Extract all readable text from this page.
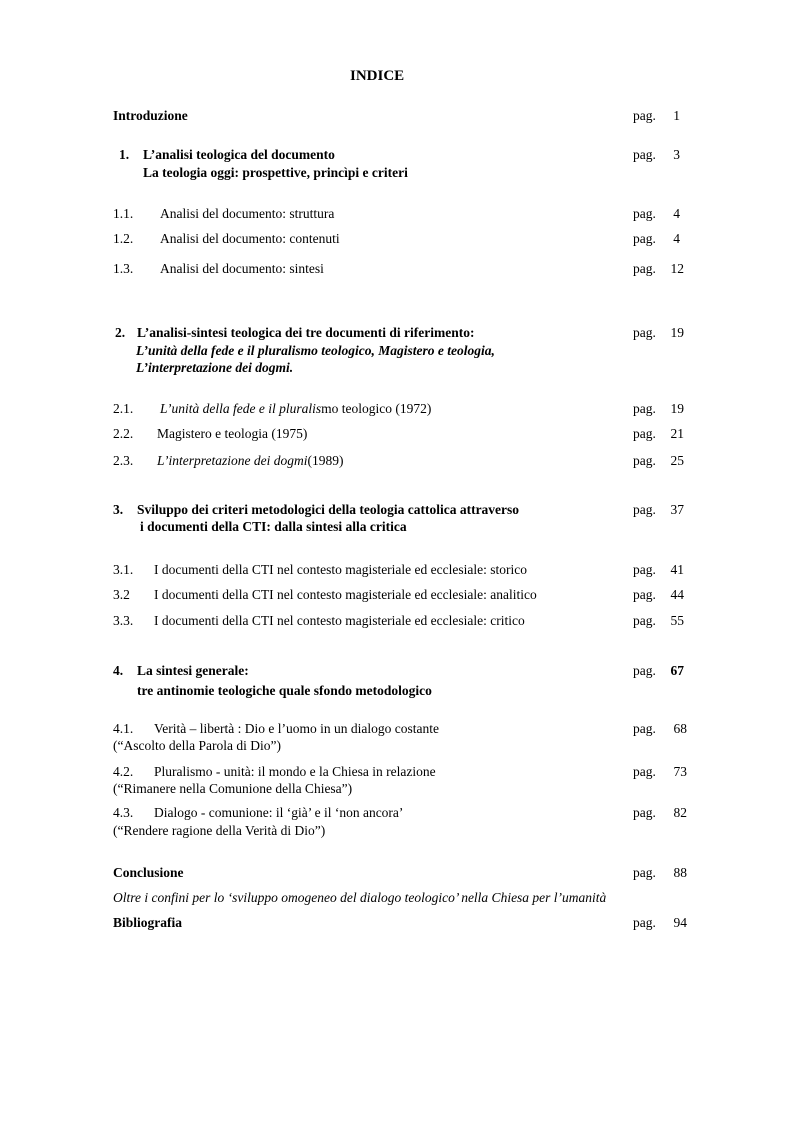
INDICE
Introduzione	pag.	1
1. L’analisi teologica del documento
La teologia oggi: prospettive, princìpi e criteri
pag.	3
1.1. Analisi del documento: struttura	pag.	4
1.2. Analisi del documento: contenuti	pag.	4
1.3. Analisi del documento: sintesi	pag.	12
2. L’analisi-sintesi teologica dei tre documenti di riferimento:
L’unità della fede e il pluralismo teologico, Magistero e teologia,
L’interpretazione dei dogmi.
pag.	19
2.1. L’unità della fede e il pluralismo teologico (1972)	pag.	19
2.2. Magistero e teologia (1975)	pag.	21
2.3. L’interpretazione dei dogmi(1989)	pag.	25
3. Sviluppo dei criteri metodologici della teologia cattolica attraverso
i documenti della CTI: dalla sintesi alla critica
pag.	37
3.1. I documenti della CTI nel contesto magisteriale ed ecclesiale: storico	pag.	41
3.2 I documenti della CTI nel contesto magisteriale ed ecclesiale: analitico	pag.	44
3.3. I documenti della CTI nel contesto magisteriale ed ecclesiale: critico	pag.	55
4. La sintesi generale:
tre antinomie teologiche quale sfondo metodologico
pag.	67
4.1. Verità – libertà : Dio e l’uomo in un dialogo costante
(“Ascolto della Parola di Dio”)
pag.	68
4.2. Pluralismo - unità: il mondo e la Chiesa in relazione
(“Rimanere nella Comunione della Chiesa”)
pag.	73
4.3. Dialogo - comunione: il ‘già’ e il ‘non ancora’
(“Rendere ragione della Verità di Dio”)
pag.	82
Conclusione	pag.	88
Oltre i confini per lo ‘sviluppo omogeneo del dialogo teologico’ nella Chiesa per l’umanità
Bibliografia	pag.	94
